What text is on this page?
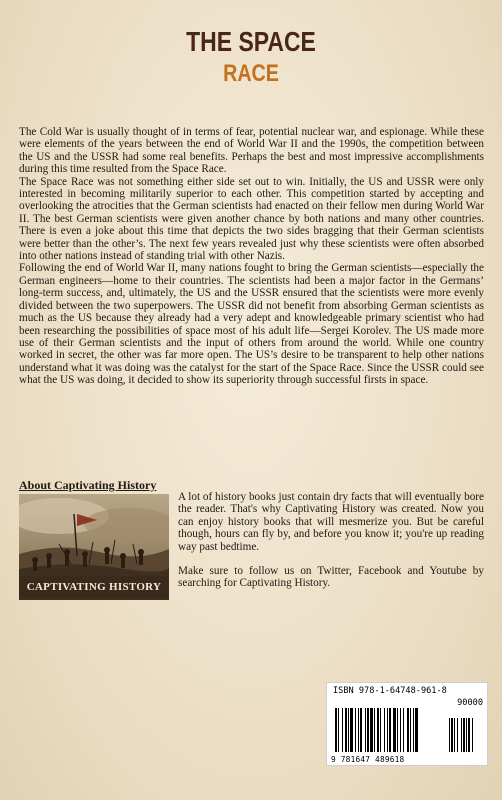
THE SPACE
RACE

The Cold War is usually thought of in terms of fear, potential nuclear war, and espionage. While these were elements of the years between the end of World War II and the 1990s, the competition between the US and the USSR had some real benefits. Perhaps the best and most impressive accomplishments during this time resulted from the Space Race.

The Space Race was not something either side set out to win. Initially, the US and USSR were only interested in becoming militarily superior to each other. This competition started by accepting and overlooking the atrocities that the German scientists had enacted on their fellow men during World War II. The best German scientists were given another chance by both nations and many other countries. There is even a joke about this time that depicts the two sides bragging that their German scientists were better than the other’s. The next few years revealed just why these scientists were often absorbed into other nations instead of standing trial with other Nazis.

Following the end of World War II, many nations fought to bring the German scientists—especially the German engineers—home to their countries. The scientists had been a major factor in the Germans’ long-term success, and, ultimately, the US and the USSR ensured that the scientists were more evenly divided between the two superpowers. The USSR did not benefit from absorbing German scientists as much as the US because they already had a very adept and knowledgeable primary scientist who had been researching the possibilities of space most of his adult life—Sergei Korolev. The US made more use of their German scientists and the input of others from around the world. While one country worked in secret, the other was far more open. The US’s desire to be transparent to help other nations understand what it was doing was the catalyst for the start of the Space Race. Since the USSR could see what the US was doing, it decided to show its superiority through successful firsts in space.

About Captivating History
CAPTIVATING HISTORY

A lot of history books just contain dry facts that will eventually bore the reader. That's why Captivating History was created. Now you can enjoy history books that will mesmerize you. But be careful though, hours can fly by, and before you know it; you're up reading way past bedtime.

Make sure to follow us on Twitter, Facebook and Youtube by searching for Captivating History.

ISBN 978-1-64748-961-8
90000
9 781647 489618
